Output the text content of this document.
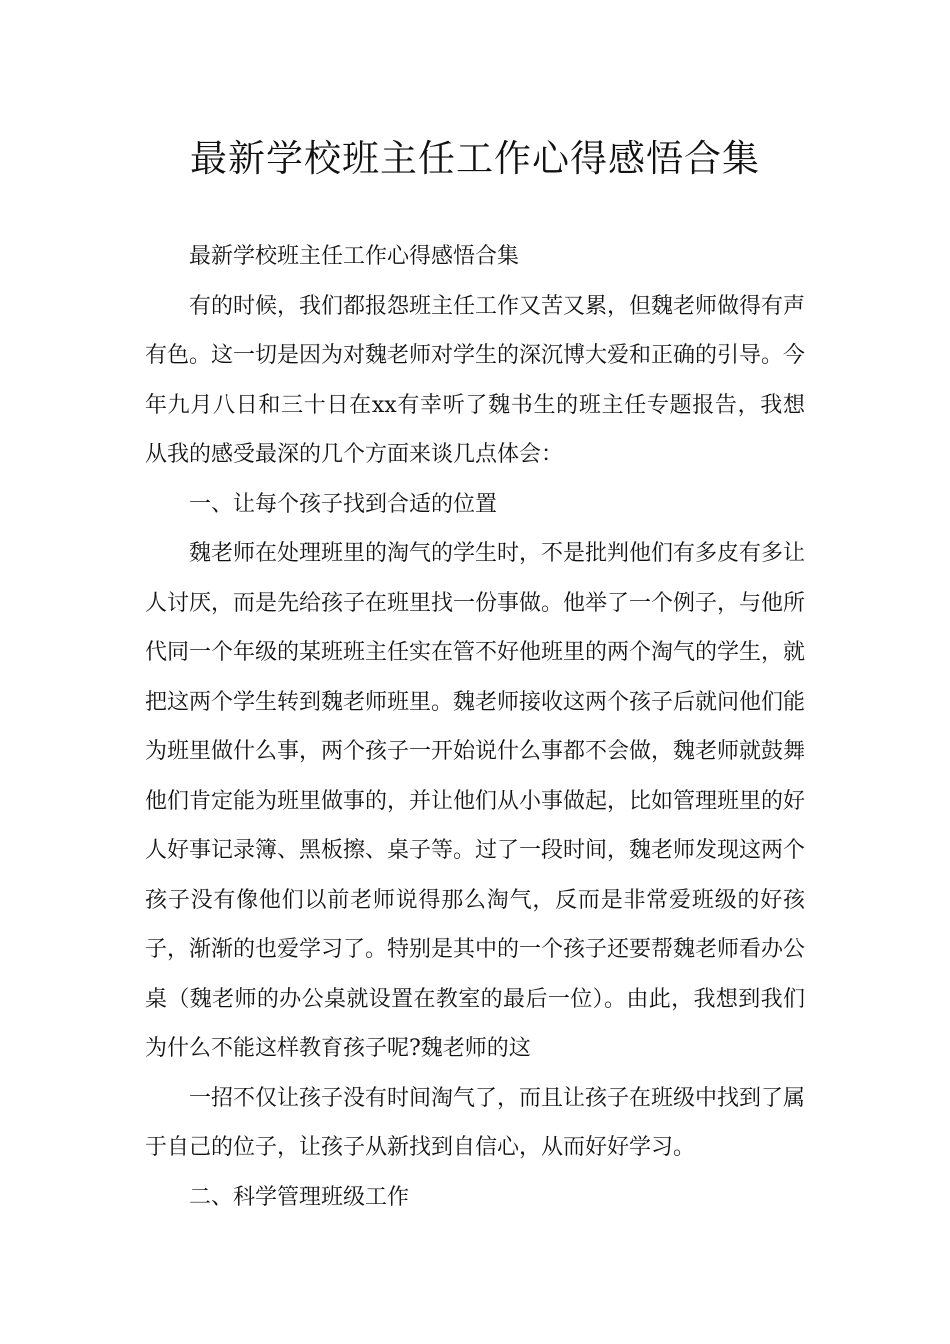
最新学校班主任工作心得感悟合集

最新学校班主任工作心得感悟合集

有的时候，我们都报怨班主任工作又苦又累，但魏老师做得有声有色。这一切是因为对魏老师对学生的深沉博大爱和正确的引导。今年九月八日和三十日在xx有幸听了魏书生的班主任专题报告，我想从我的感受最深的几个方面来谈几点体会：

一、让每个孩子找到合适的位置

魏老师在处理班里的淘气的学生时，不是批判他们有多皮有多让人讨厌，而是先给孩子在班里找一份事做。他举了一个例子，与他所代同一个年级的某班班主任实在管不好他班里的两个淘气的学生，就把这两个学生转到魏老师班里。魏老师接收这两个孩子后就问他们能为班里做什么事，两个孩子一开始说什么事都不会做，魏老师就鼓舞他们肯定能为班里做事的，并让他们从小事做起，比如管理班里的好人好事记录簿、黑板擦、桌子等。过了一段时间，魏老师发现这两个孩子没有像他们以前老师说得那么淘气，反而是非常爱班级的好孩子，渐渐的也爱学习了。特别是其中的一个孩子还要帮魏老师看办公桌（魏老师的办公桌就设置在教室的最后一位）。由此，我想到我们为什么不能这样教育孩子呢?魏老师的这

一招不仅让孩子没有时间淘气了，而且让孩子在班级中找到了属于自己的位子，让孩子从新找到自信心，从而好好学习。

二、科学管理班级工作
